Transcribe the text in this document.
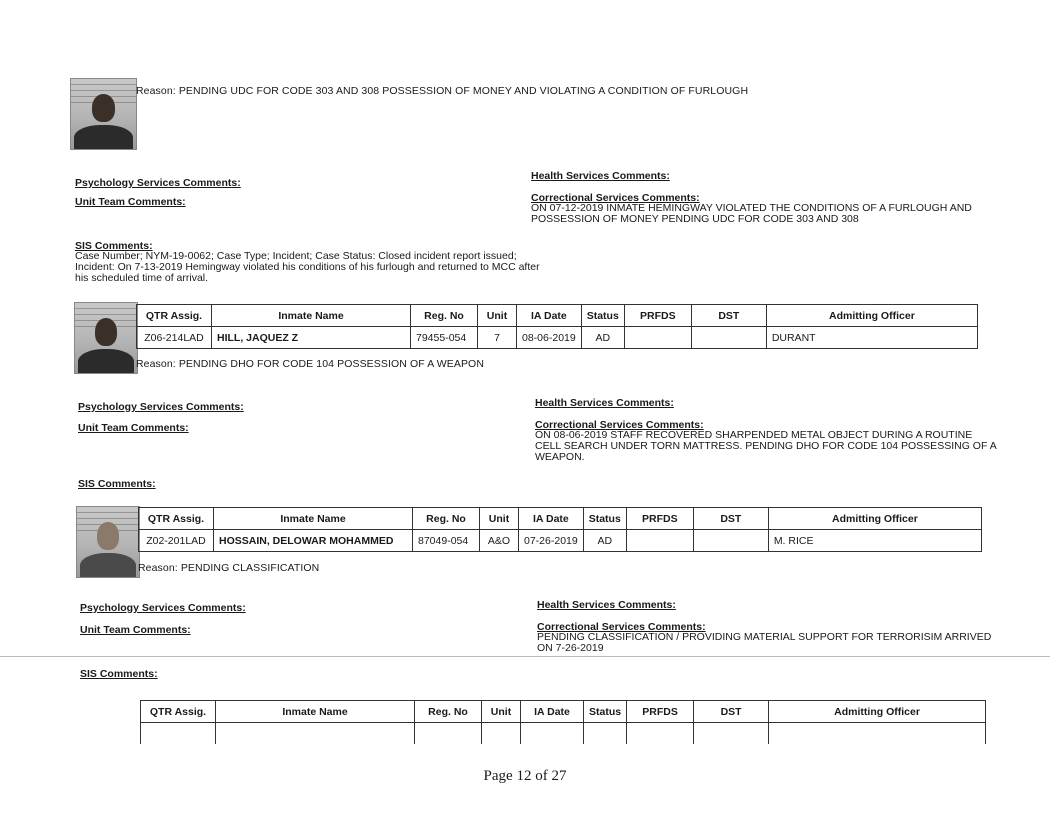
Reason: PENDING UDC FOR CODE 303 AND 308 POSSESSION OF MONEY AND VIOLATING A CONDITION OF FURLOUGH
Psychology Services Comments:
Unit Team Comments:
Health Services Comments:
Correctional Services Comments:
ON 07-12-2019 INMATE HEMINGWAY VIOLATED THE CONDITIONS OF A FURLOUGH AND
POSSESSION OF MONEY PENDING UDC FOR CODE 303 AND 308
SIS Comments:
Case Number; NYM-19-0062; Case Type; Incident; Case Status: Closed incident report issued;
Incident: On 7-13-2019 Hemingway violated his conditions of his furlough and returned to MCC after
his scheduled time of arrival.
QTR Assig.	Inmate Name	Reg. No	Unit	IA Date	Status	PRFDS	DST	Admitting Officer
Z06-214LAD	HILL, JAQUEZ Z	79455-054	7	08-06-2019	AD			DURANT
Reason: PENDING DHO FOR CODE 104 POSSESSION OF A WEAPON
Psychology Services Comments:
Unit Team Comments:
Health Services Comments:
Correctional Services Comments:
ON 08-06-2019 STAFF RECOVERED SHARPENDED METAL OBJECT DURING A ROUTINE
CELL SEARCH UNDER TORN MATTRESS. PENDING DHO FOR CODE 104 POSSESSING OF A
WEAPON.
SIS Comments:
QTR Assig.	Inmate Name	Reg. No	Unit	IA Date	Status	PRFDS	DST	Admitting Officer
Z02-201LAD	HOSSAIN, DELOWAR MOHAMMED	87049-054	A&O	07-26-2019	AD			M. RICE
Reason: PENDING CLASSIFICATION
Psychology Services Comments:
Unit Team Comments:
Health Services Comments:
Correctional Services Comments:
PENDING CLASSIFICATION / PROVIDING MATERIAL SUPPORT FOR TERRORISIM ARRIVED
ON 7-26-2019
SIS Comments:
QTR Assig.	Inmate Name	Reg. No	Unit	IA Date	Status	PRFDS	DST	Admitting Officer

Page 12 of 27
